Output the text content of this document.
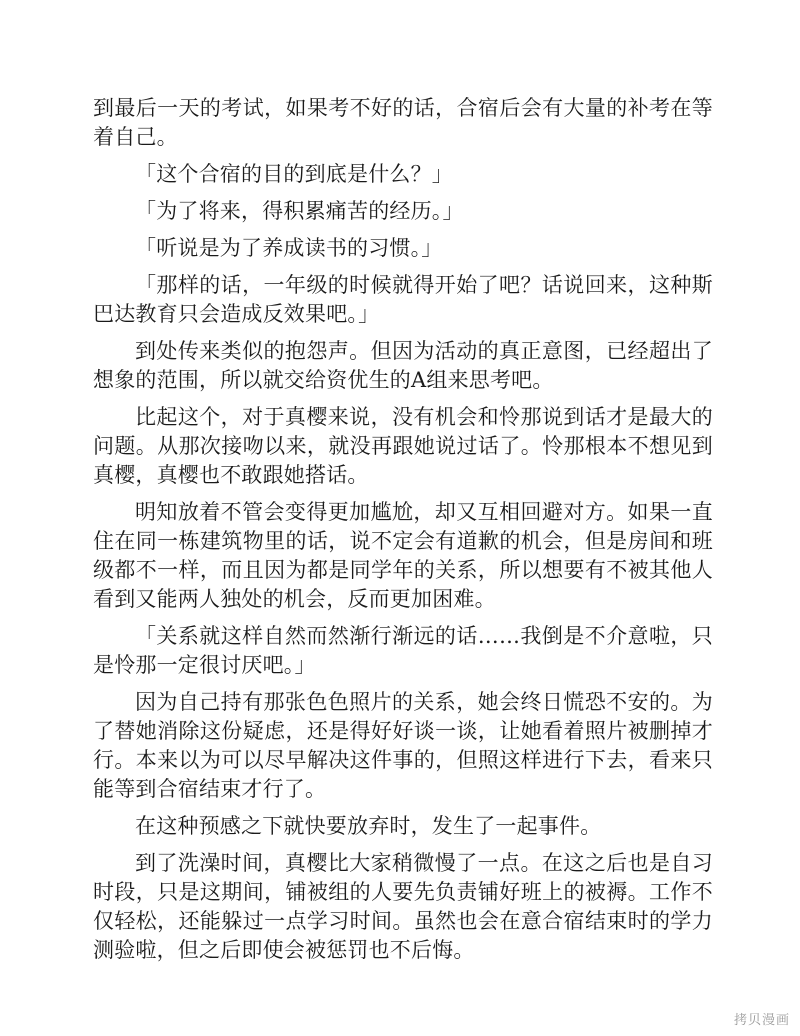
到最后一天的考试，如果考不好的话，合宿后会有大量的补考在等着自己。

「这个合宿的目的到底是什么？」

「为了将来，得积累痛苦的经历。」

「听说是为了养成读书的习惯。」

「那样的话，一年级的时候就得开始了吧？话说回来，这种斯巴达教育只会造成反效果吧。」

到处传来类似的抱怨声。但因为活动的真正意图，已经超出了想象的范围，所以就交给资优生的A组来思考吧。

比起这个，对于真樱来说，没有机会和怜那说到话才是最大的问题。从那次接吻以来，就没再跟她说过话了。怜那根本不想见到真樱，真樱也不敢跟她搭话。

明知放着不管会变得更加尴尬，却又互相回避对方。如果一直住在同一栋建筑物里的话，说不定会有道歉的机会，但是房间和班级都不一样，而且因为都是同学年的关系，所以想要有不被其他人看到又能两人独处的机会，反而更加困难。

「关系就这样自然而然渐行渐远的话……我倒是不介意啦，只是怜那一定很讨厌吧。」

因为自己持有那张色色照片的关系，她会终日慌恐不安的。为了替她消除这份疑虑，还是得好好谈一谈，让她看着照片被删掉才行。本来以为可以尽早解决这件事的，但照这样进行下去，看来只能等到合宿结束才行了。

在这种预感之下就快要放弃时，发生了一起事件。

到了洗澡时间，真樱比大家稍微慢了一点。在这之后也是自习时段，只是这期间，铺被组的人要先负责铺好班上的被褥。工作不仅轻松，还能躲过一点学习时间。虽然也会在意合宿结束时的学力测验啦，但之后即使会被惩罚也不后悔。

拷贝漫画
